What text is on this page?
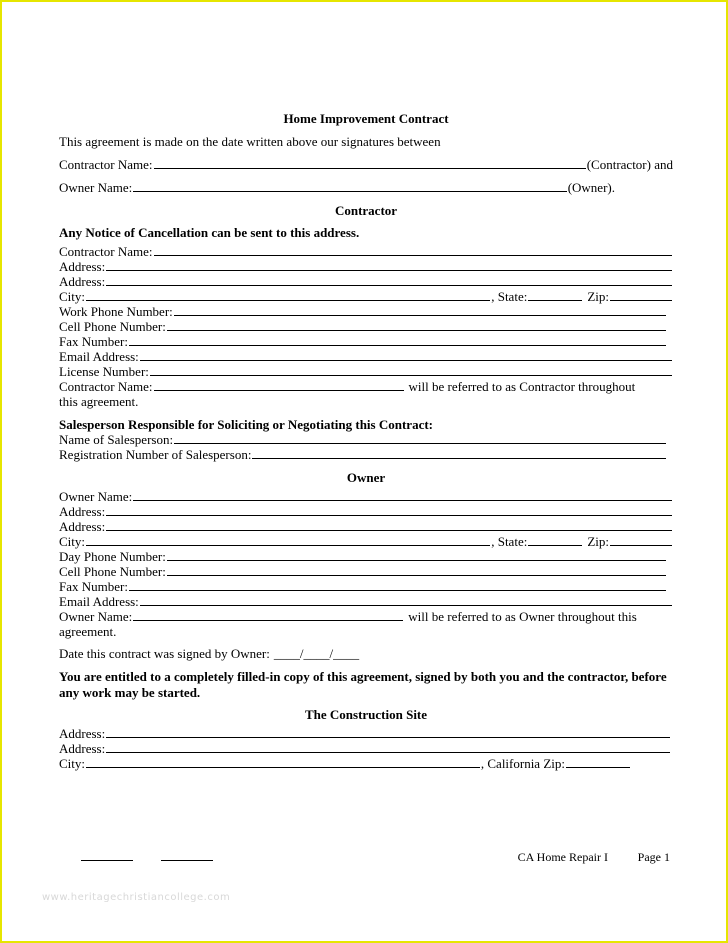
Home Improvement Contract
This agreement is made on the date written above our signatures between
Contractor Name:	(Contractor) and
Owner Name:	(Owner).
Contractor
Any Notice of Cancellation can be sent to this address.
Contractor Name:
Address:
Address:
City:	, State:	Zip:
Work Phone Number:
Cell Phone Number:
Fax Number:
Email Address:
License Number:
Contractor Name:	will be referred to as Contractor throughout
this agreement.
Salesperson Responsible for Soliciting or Negotiating this Contract:
Name of Salesperson:
Registration Number of Salesperson:
Owner
Owner Name:
Address:
Address:
City:	, State:	Zip:
Day Phone Number:
Cell Phone Number:
Fax Number:
Email Address:
Owner Name:	will be referred to as Owner throughout this
agreement.
Date this contract was signed by Owner: ____/____/____
You are entitled to a completely filled-in copy of this agreement, signed by both you and the contractor, before any work may be started.
The Construction Site
Address:
Address:
City:	, California Zip:
CA Home Repair I Page 1
www.heritagechristiancollege.com
